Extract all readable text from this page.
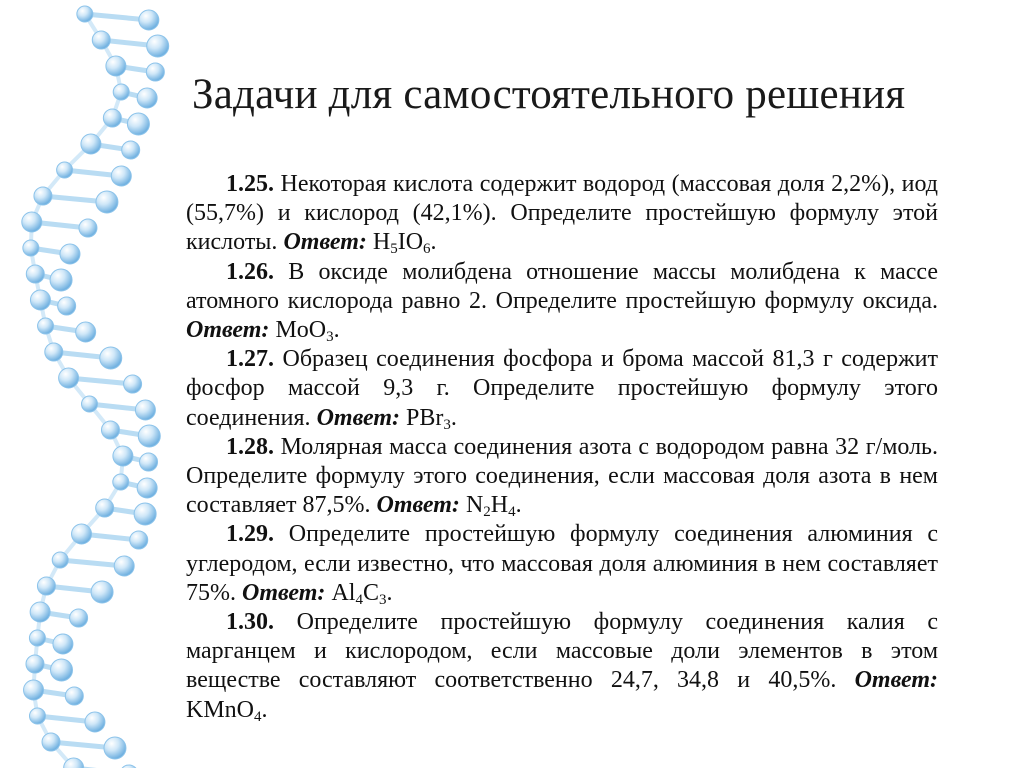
Задачи для самостоятельного решения
1.25. Некоторая кислота содержит водород (массовая доля 2,2%), иод (55,7%) и кислород (42,1%). Определите простейшую формулу этой кислоты. Ответ: $H_5IO_6$.
1.26. В оксиде молибдена отношение массы молибдена к массе атомного кислорода равно 2. Определите простейшую формулу оксида. Ответ: MoO$_3$.
1.27. Образец соединения фосфора и брома массой 81,3 г содержит фосфор массой 9,3 г. Определите простейшую формулу этого соединения. Ответ: PBr$_3$.
1.28. Молярная масса соединения азота с водородом равна 32 г/моль. Определите формулу этого соединения, если массовая доля азота в нем составляет 87,5%. Ответ: $N_2H_4$.
1.29. Определите простейшую формулу соединения алюминия с углеродом, если известно, что массовая доля алюминия в нем составляет 75%. Ответ: $Al_4C_3$.
1.30. Определите простейшую формулу соединения калия с марганцем и кислородом, если массовые доли элементов в этом веществе составляют соответственно 24,7, 34,8 и 40,5%. Ответ: KMnO$_4$.
